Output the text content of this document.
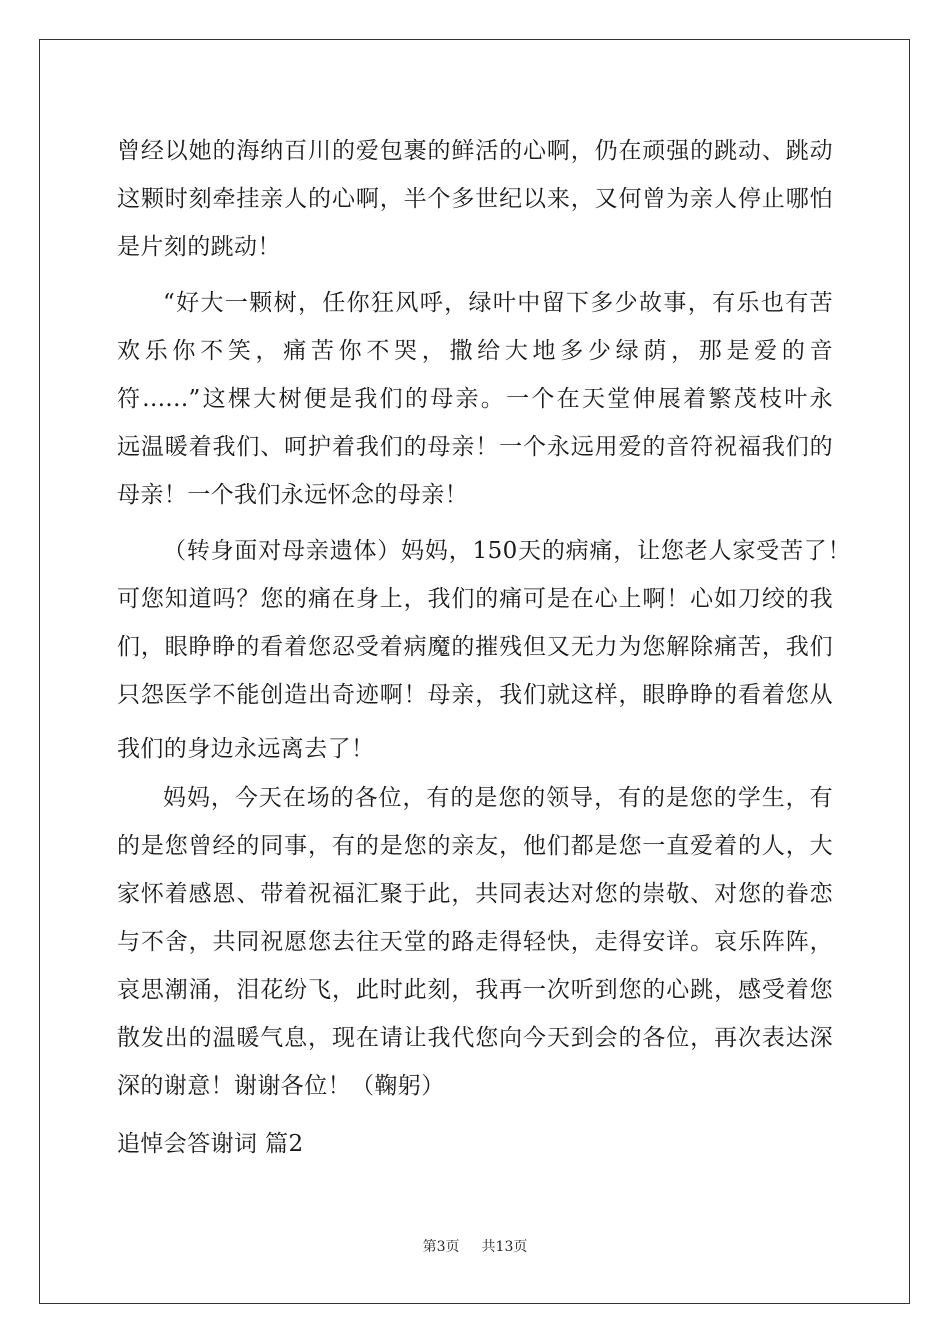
曾经以她的海纳百川的爱包裹的鲜活的心啊，仍在顽强的跳动、跳动
这颗时刻牵挂亲人的心啊，半个多世纪以来，又何曾为亲人停止哪怕
是片刻的跳动！
“好大一颗树，任你狂风呼，绿叶中留下多少故事，有乐也有苦
欢乐你不笑，痛苦你不哭，撒给大地多少绿荫，那是爱的音
符......”这棵大树便是我们的母亲。一个在天堂伸展着繁茂枝叶永
远温暖着我们、呵护着我们的母亲！一个永远用爱的音符祝福我们的
母亲！一个我们永远怀念的母亲！
（转身面对母亲遗体）妈妈，150天的病痛，让您老人家受苦了！
可您知道吗？您的痛在身上，我们的痛可是在心上啊！心如刀绞的我
们，眼睁睁的看着您忍受着病魔的摧残但又无力为您解除痛苦，我们
只怨医学不能创造出奇迹啊！母亲，我们就这样，眼睁睁的看着您从
我们的身边永远离去了！
妈妈，今天在场的各位，有的是您的领导，有的是您的学生，有
的是您曾经的同事，有的是您的亲友，他们都是您一直爱着的人，大
家怀着感恩、带着祝福汇聚于此，共同表达对您的崇敬、对您的眷恋
与不舍，共同祝愿您去往天堂的路走得轻快，走得安详。哀乐阵阵，
哀思潮涌，泪花纷飞，此时此刻，我再一次听到您的心跳，感受着您
散发出的温暖气息，现在请让我代您向今天到会的各位，再次表达深
深的谢意！谢谢各位！（鞠躬）
追悼会答谢词 篇2
第3页 共13页
